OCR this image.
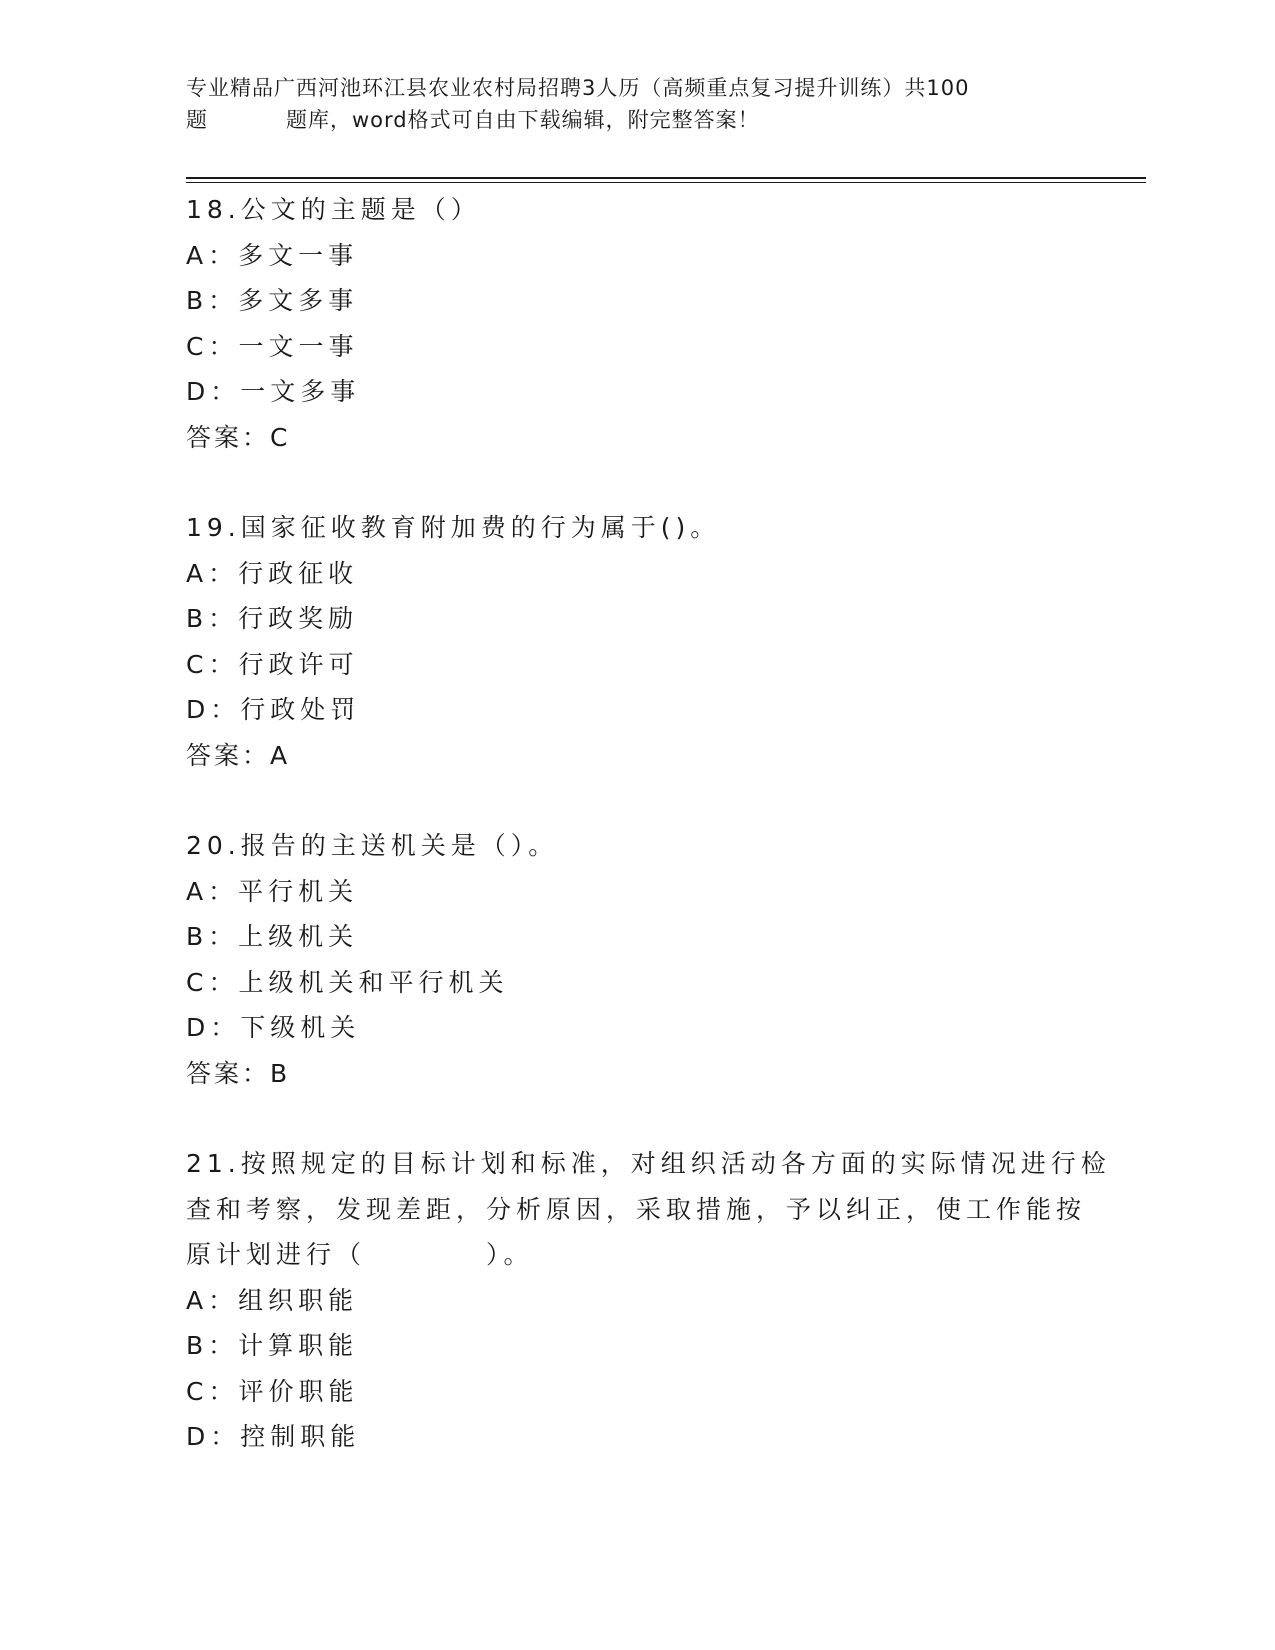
专业精品广西河池环江县农业农村局招聘3人历（高频重点复习提升训练）共100
题	题库，word格式可自由下载编辑，附完整答案！
18.公文的主题是（）
A：多文一事
B：多文多事
C：一文一事
D：一文多事
答案：C
19.国家征收教育附加费的行为属于()。
A：行政征收
B：行政奖励
C：行政许可
D：行政处罚
答案：A
20.报告的主送机关是（）。
A：平行机关
B：上级机关
C：上级机关和平行机关
D：下级机关
答案：B
21.按照规定的目标计划和标准，对组织活动各方面的实际情况进行检
查和考察，发现差距，分析原因，采取措施，予以纠正，使工作能按
原计划进行（	）。
A：组织职能
B：计算职能
C：评价职能
D：控制职能
